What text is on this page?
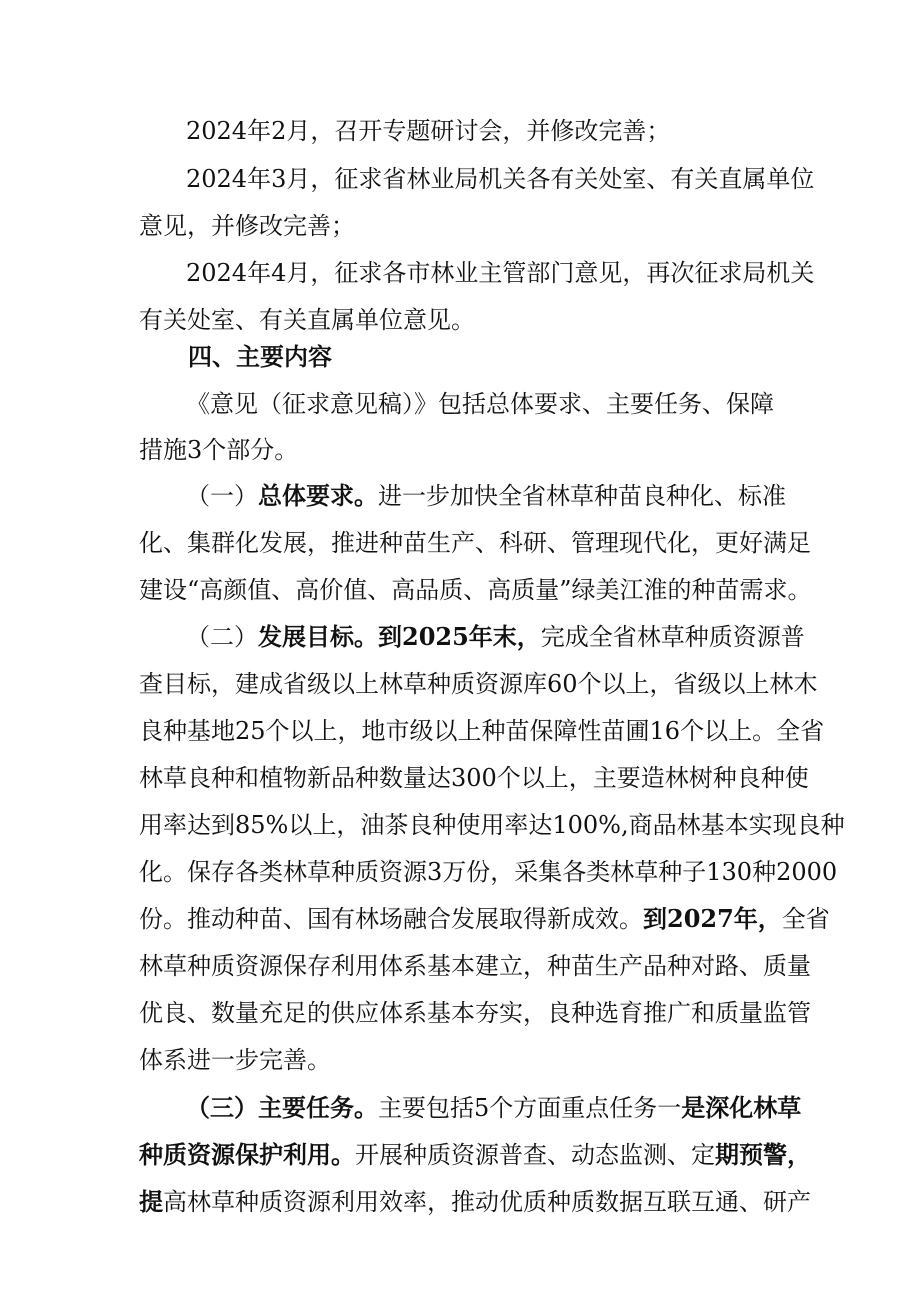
2024年2月，召开专题研讨会，并修改完善；
2024年3月，征求省林业局机关各有关处室、有关直属单位
意见，并修改完善；
2024年4月，征求各市林业主管部门意见，再次征求局机关
有关处室、有关直属单位意见。
四、主要内容
《意见（征求意见稿）》包括总体要求、主要任务、保障
措施3个部分。
（一）总体要求。进一步加快全省林草种苗良种化、标准
化、集群化发展，推进种苗生产、科研、管理现代化，更好满足
建设“高颜值、高价值、高品质、高质量”绿美江淮的种苗需求。
（二）发展目标。到2025年末，完成全省林草种质资源普
查目标，建成省级以上林草种质资源库60个以上，省级以上林木
良种基地25个以上，地市级以上种苗保障性苗圃16个以上。全省
林草良种和植物新品种数量达300个以上，主要造林树种良种使
用率达到85%以上，油茶良种使用率达100%,商品林基本实现良种
化。保存各类林草种质资源3万份，采集各类林草种子130种2000
份。推动种苗、国有林场融合发展取得新成效。到2027年，全省
林草种质资源保存利用体系基本建立，种苗生产品种对路、质量
优良、数量充足的供应体系基本夯实，良种选育推广和质量监管
体系进一步完善。
（三）主要任务。主要包括5个方面重点任务一是深化林草
种质资源保护利用。开展种质资源普查、动态监测、定期预警，
提高林草种质资源利用效率，推动优质种质数据互联互通、研产
